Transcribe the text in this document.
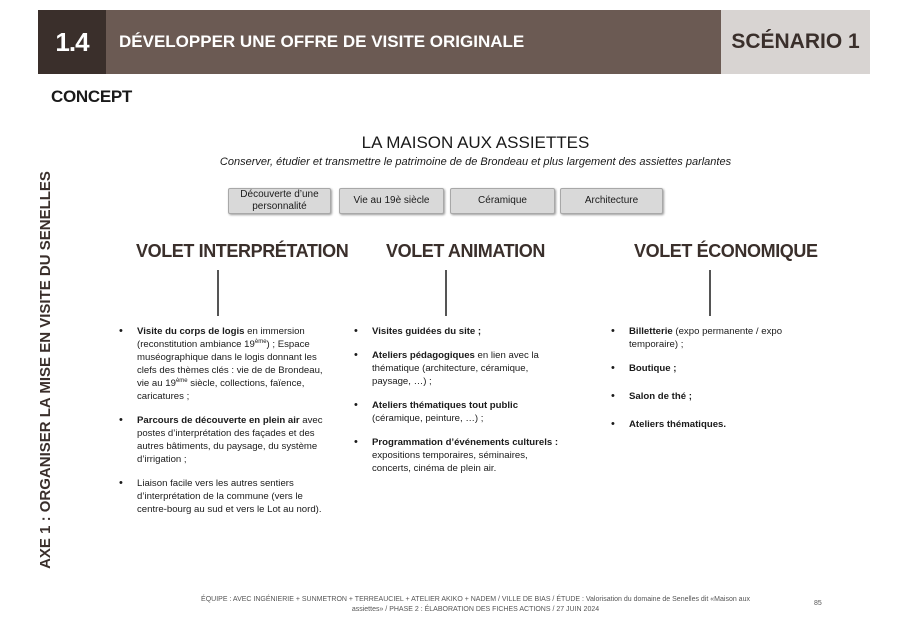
1.4	DÉVELOPPER UNE OFFRE DE VISITE ORIGINALE	SCÉNARIO 1
CONCEPT
AXE 1 : ORGANISER LA MISE EN VISITE DU SENELLES
LA MAISON AUX ASSIETTES
Conserver, étudier et transmettre le patrimoine de de Brondeau et plus largement des assiettes parlantes
Découverte d’une personnalité
Vie au 19è siècle	Céramique	Architecture
VOLET INTERPRÉTATION VOLET ANIMATION	VOLET ÉCONOMIQUE
• Visite du corps de logis en immersion (reconstitution ambiance 19ème) ; Espace muséographique dans le logis donnant les clefs des thèmes clés : vie de de Brondeau, vie au 19ème siècle, collections, faïence, caricatures ;
• Parcours de découverte en plein air avec postes d’interprétation des façades et des autres bâtiments, du paysage, du système d’irrigation ;
• Liaison facile vers les autres sentiers d’interprétation de la commune (vers le centre-bourg au sud et vers le Lot au nord).
• Visites guidées du site ;
• Ateliers pédagogiques en lien avec la thématique (architecture, céramique, paysage, …) ;
• Ateliers thématiques tout public (céramique, peinture, …) ;
• Programmation d’événements culturels : expositions temporaires, séminaires, concerts, cinéma de plein air.
• Billetterie (expo permanente / expo temporaire) ;
• Boutique ;
• Salon de thé ;
• Ateliers thématiques.
ÉQUIPE : AVEC INGÉNIERIE + SUNMETRON + TERREAUCIEL + ATELIER AKIKO + NADEM / VILLE DE BIAS / ÉTUDE : Valorisation du domaine de Senelles dit «Maison aux
assiettes» / PHASE 2 : ÉLABORATION DES FICHES ACTIONS / 27 JUIN 2024
85
